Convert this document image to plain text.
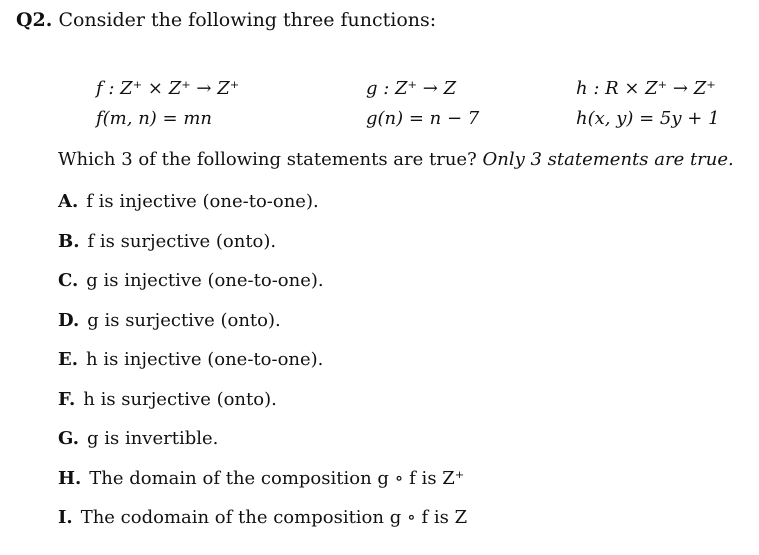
Q2. Consider the following three functions:
f : Z⁺ × Z⁺ → Z⁺
f(m, n) = mn
g : Z⁺ → Z
g(n) = n − 7
h : R × Z⁺ → Z⁺
h(x, y) = 5y + 1
Which 3 of the following statements are true? Only 3 statements are true.
A. f is injective (one-to-one).
B. f is surjective (onto).
C. g is injective (one-to-one).
D. g is surjective (onto).
E. h is injective (one-to-one).
F. h is surjective (onto).
G. g is invertible.
H. The domain of the composition g ∘ f is Z⁺
I. The codomain of the composition g ∘ f is Z
